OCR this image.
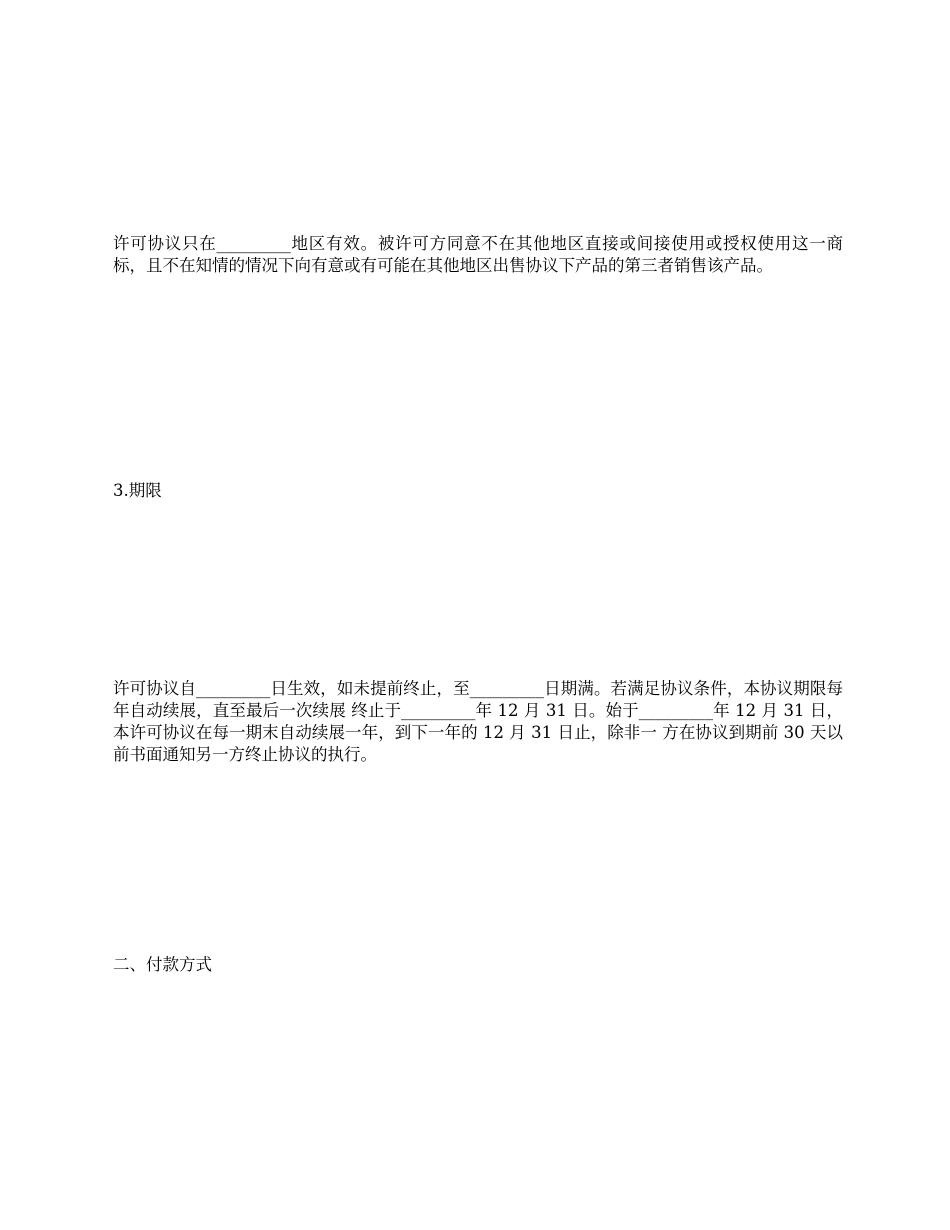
许可协议只在_________地区有效。被许可方同意不在其他地区直接或间接使用或授权使用这一商标，且不在知情的情况下向有意或有可能在其他地区出售协议下产品的第三者销售该产品。

3.期限

许可协议自_________日生效，如未提前终止，至_________日期满。若满足协议条件，本协议期限每年自动续展，直至最后一次续展 终止于_________年 12 月 31 日。始于_________年 12 月 31 日，本许可协议在每一期末自动续展一年，到下一年的 12 月 31 日止，除非一 方在协议到期前 30 天以前书面通知另一方终止协议的执行。

二、付款方式
